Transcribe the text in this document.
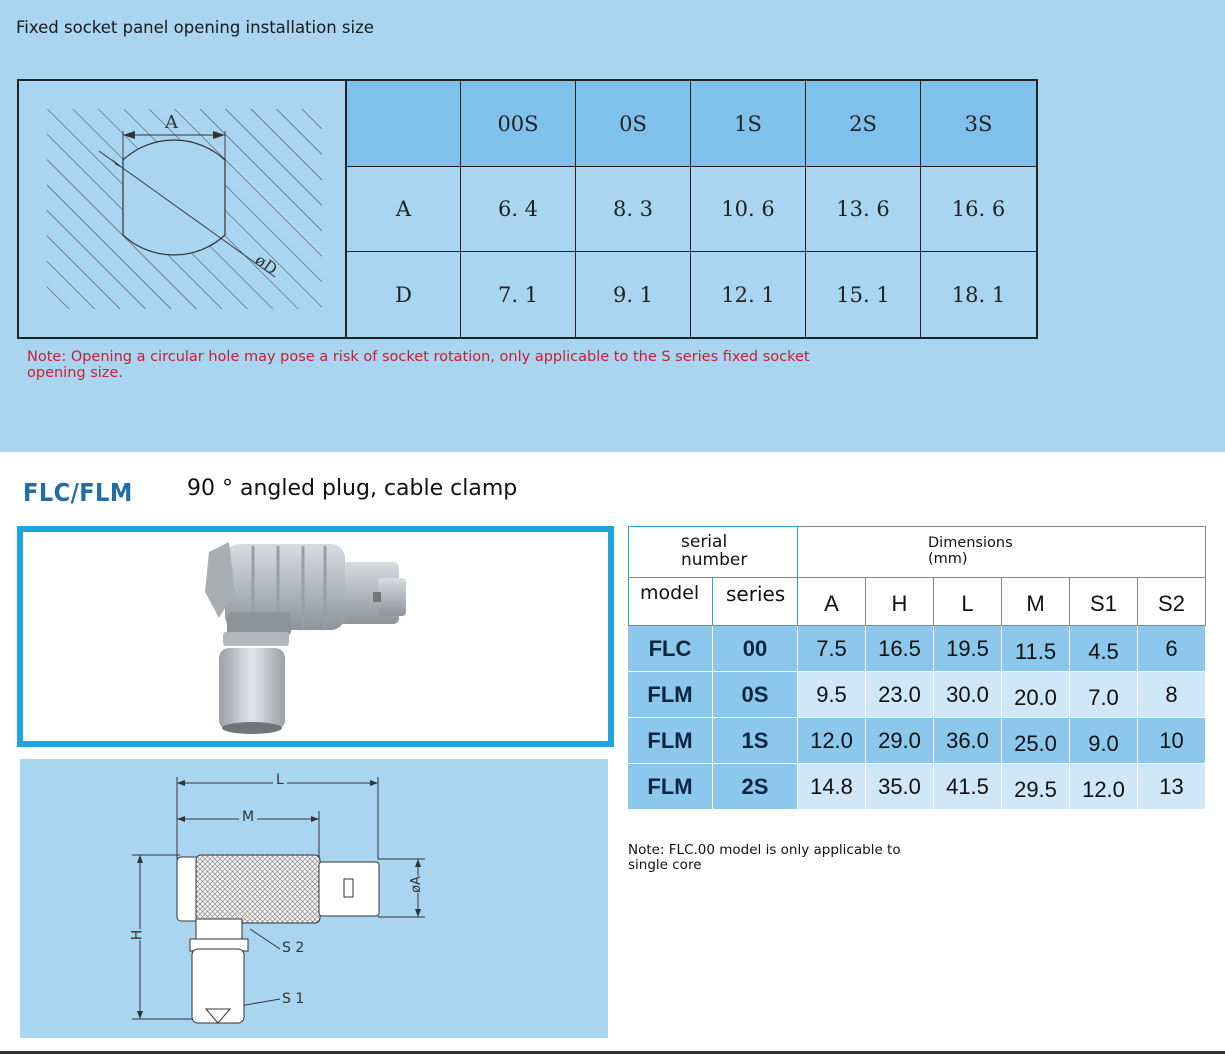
Fixed socket panel opening installation size
A
øD
00S	0S	1S	2S	3S
A	6. 4	8. 3	10. 6	13. 6	16. 6
D	7. 1	9. 1	12. 1	15. 1	18. 1
Note: Opening a circular hole may pose a risk of socket rotation, only applicable to the S series fixed socket opening size.
FLC/FLM 90 ° angled plug, cable clamp
L
M
H
øA
S 2
S 1
serial number
Dimensions (mm)
model	series	A	H	L	M	S1	S2
FLC	00	7.5	16.5	19.5	11.5	4.5	6
FLM	0S	9.5	23.0	30.0	20.0	7.0	8
FLM	1S	12.0	29.0	36.0	25.0	9.0	10
FLM	2S	14.8	35.0	41.5	29.5	12.0	13
Note: FLC.00 model is only applicable to single core
